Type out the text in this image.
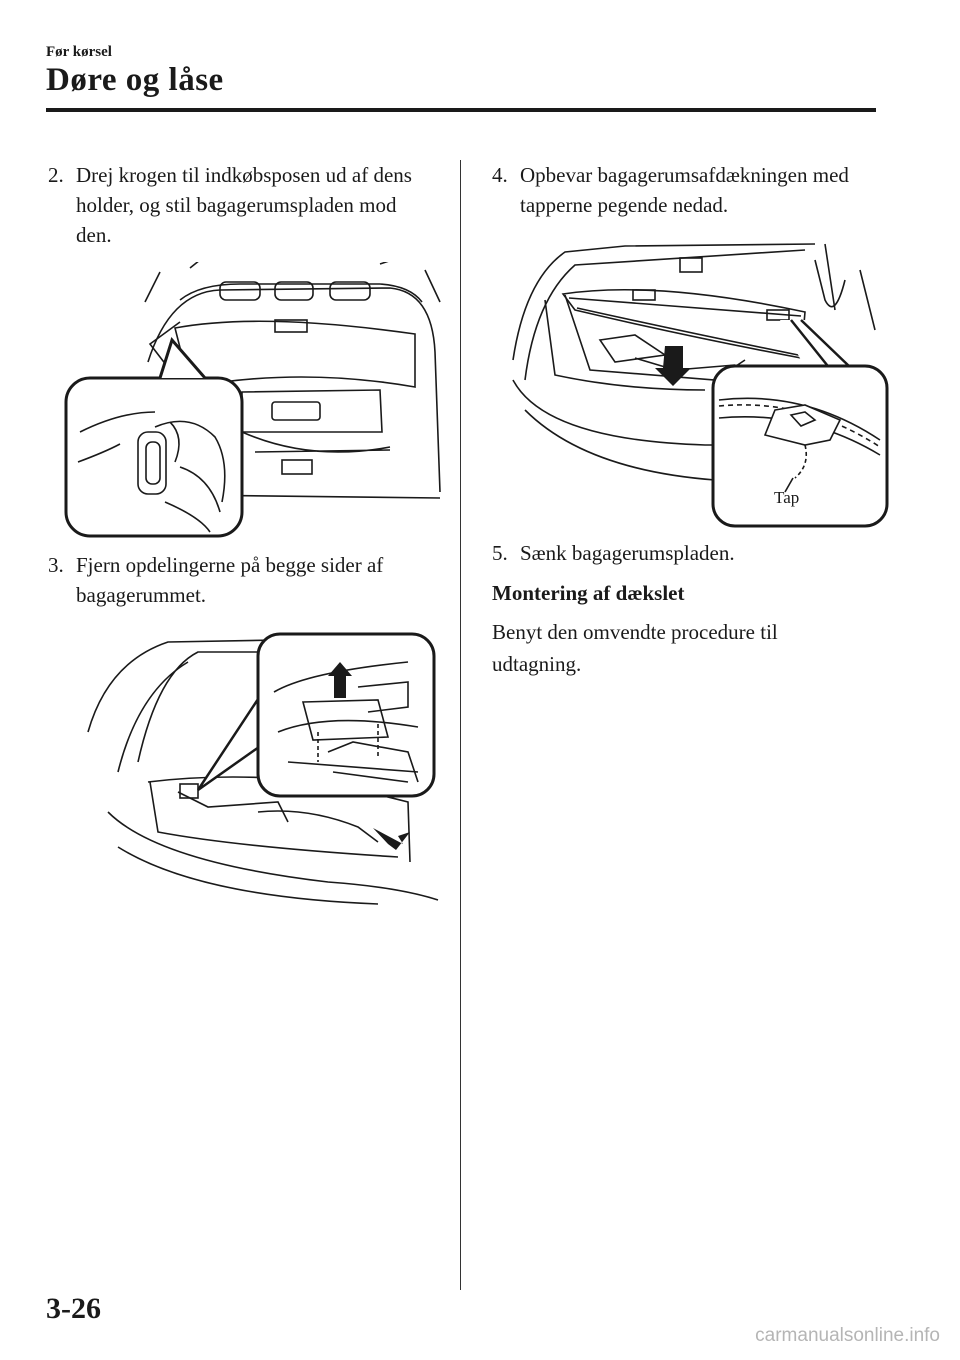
Før kørsel
Døre og låse
2. Drej krogen til indkøbsposen ud af dens holder, og stil bagagerumspladen mod den.
3. Fjern opdelingerne på begge sider af bagagerummet.
4. Opbevar bagagerumsafdækningen med tapperne pegende nedad.
Tap
5. Sænk bagagerumspladen.
Montering af dækslet
Benyt den omvendte procedure til udtagning.
3-26
carmanualsonline.info
